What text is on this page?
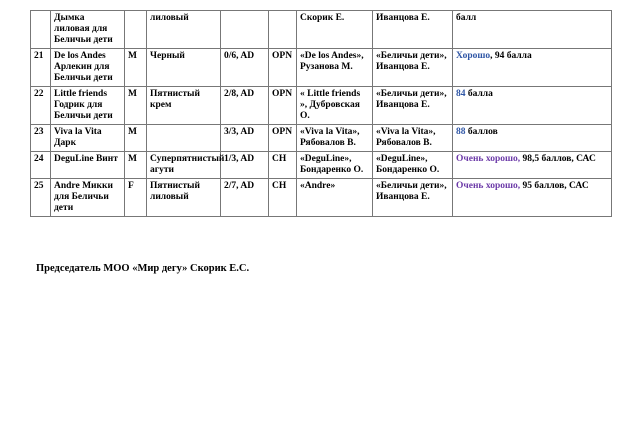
	Дымка лиловая для Беличьи дети		лиловый			Скорик Е.	Иванцова Е.	балл
21	De los Andes Арлекин для Беличьи дети	M	Черный	0/6, AD	OPN	«De los Andes», Рузанова М.	«Беличьи дети», Иванцова Е.	Хорошо, 94 балла
22	Little friends Годрик для Беличьи дети	M	Пятнистый крем	2/8, AD	OPN	« Little friends », Дубровская О.	«Беличьи дети», Иванцова Е.	84 балла
23	Viva la Vita Дарк	M		3/3, AD	OPN	«Viva la Vita», Рябовалов В.	«Viva la Vita», Рябовалов В.	88 баллов
24	DeguLine Винт	M	Суперпятнистый агути	1/3, AD	CH	«DeguLine», Бондаренко О.	«DeguLine», Бондаренко О.	Очень хорошо, 98,5 баллов, САС
25	Andre Микки для Беличьи дети	F	Пятнистый лиловый	2/7, AD	CH	«Andre»	«Беличьи дети», Иванцова Е.	Очень хорошо, 95 баллов, САС
Председатель МОО «Мир дегу» Скорик Е.С.
